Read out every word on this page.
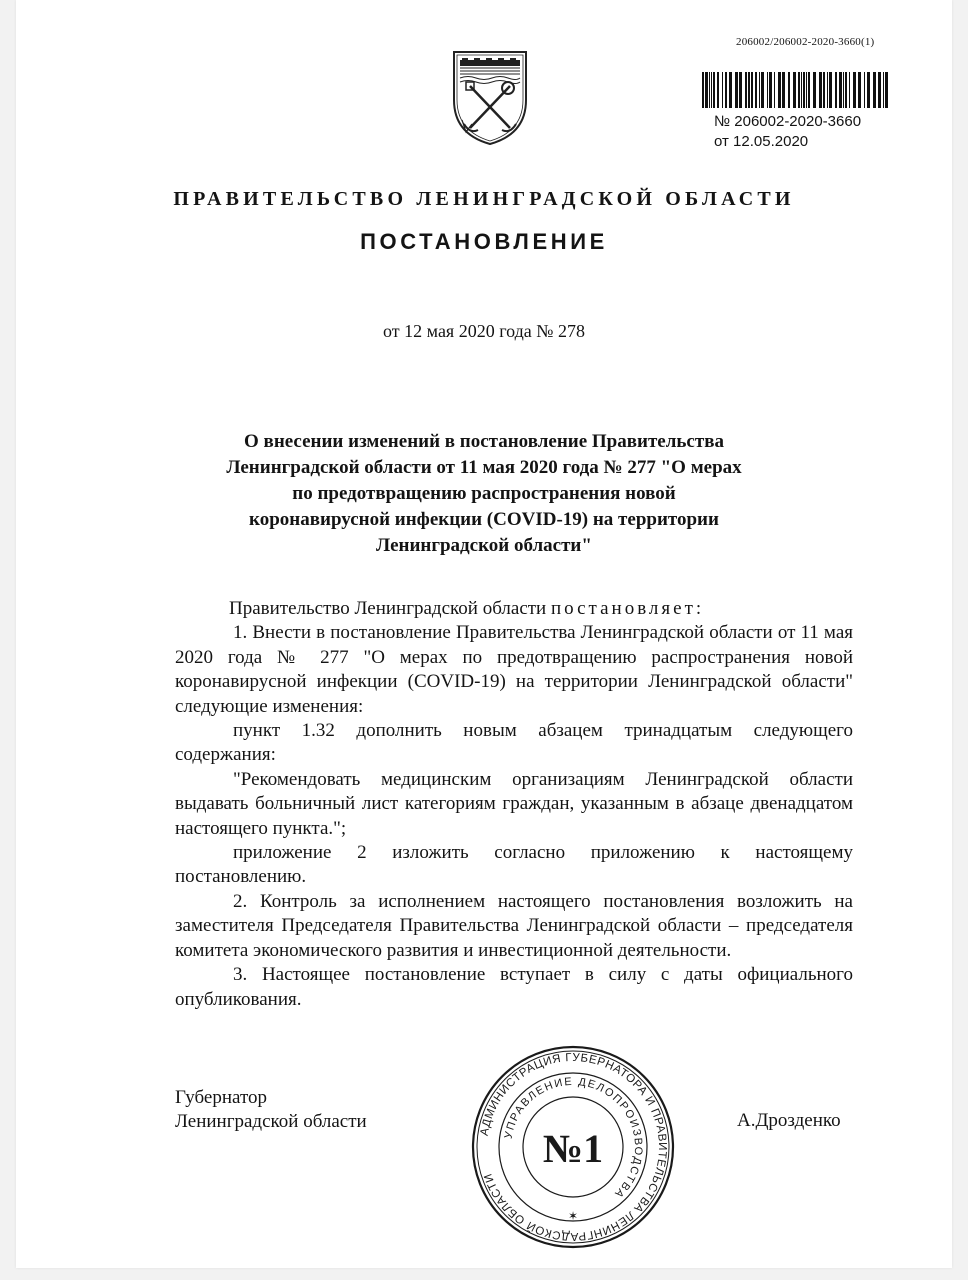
206002/206002-2020-3660(1)
№ 206002-2020-3660
от 12.05.2020
ПРАВИТЕЛЬСТВО ЛЕНИНГРАДСКОЙ ОБЛАСТИ
ПОСТАНОВЛЕНИЕ
от 12 мая 2020 года № 278
О внесении изменений в постановление Правительства
Ленинградской области от 11 мая 2020 года № 277 "О мерах
по предотвращению распространения новой
коронавирусной инфекции (COVID-19) на территории
Ленинградской области"

Правительство Ленинградской области постановляет:

1. Внести в постановление Правительства Ленинградской области от 11 мая 2020 года № 277 "О мерах по предотвращению распространения новой коронавирусной инфекции (COVID-19) на территории Ленинградской области" следующие изменения:

пункт 1.32 дополнить новым абзацем тринадцатым следующего содержания:

"Рекомендовать медицинским организациям Ленинградской области выдавать больничный лист категориям граждан, указанным в абзаце двенадцатом настоящего пункта.";

приложение 2 изложить согласно приложению к настоящему постановлению.

2. Контроль за исполнением настоящего постановления возложить на заместителя Председателя Правительства Ленинградской области – председателя комитета экономического развития и инвестиционной деятельности.

3. Настоящее постановление вступает в силу с даты официального опубликования.

Губернатор
Ленинградской области	А.Дрозденко
АДМИНИСТРАЦИЯ ГУБЕРНАТОРА И ПРАВИТЕЛЬСТВА ЛЕНИНГРАДСКОЙ ОБЛАСТИ
УПРАВЛЕНИЕ ДЕЛОПРОИЗВОДСТВА
№1
✶
